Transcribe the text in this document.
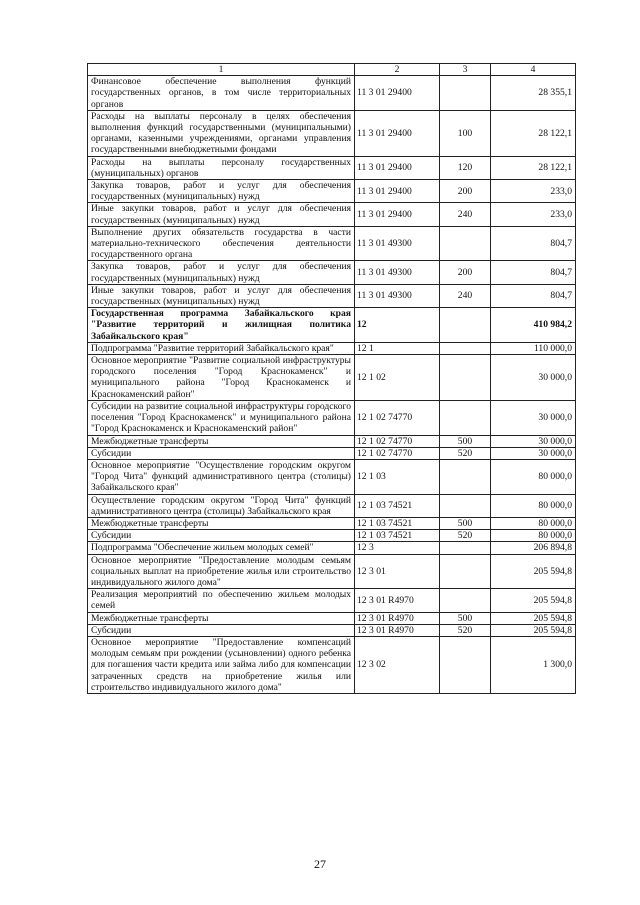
1	2	3	4
Финансовое обеспечение выполнения функций государственных органов, в том числе территориальных органов	11 3 01 29400		28 355,1
Расходы на выплаты персоналу в целях обеспечения выполнения функций государственными (муниципальными) органами, казенными учреждениями, органами управления государственными внебюджетными фондами	11 3 01 29400	100	28 122,1
Расходы на выплаты персоналу государственных (муниципальных) органов	11 3 01 29400	120	28 122,1
Закупка товаров, работ и услуг для обеспечения государственных (муниципальных) нужд	11 3 01 29400	200	233,0
Иные закупки товаров, работ и услуг для обеспечения государственных (муниципальных) нужд	11 3 01 29400	240	233,0
Выполнение других обязательств государства в части материально-технического обеспечения деятельности государственного органа	11 3 01 49300		804,7
Закупка товаров, работ и услуг для обеспечения государственных (муниципальных) нужд	11 3 01 49300	200	804,7
Иные закупки товаров, работ и услуг для обеспечения государственных (муниципальных) нужд	11 3 01 49300	240	804,7
Государственная программа Забайкальского края "Развитие территорий и жилищная политика Забайкальского края"	12		410 984,2
Подпрограмма "Развитие территорий Забайкальского края"	12 1		110 000,0
Основное мероприятие "Развитие социальной инфраструктуры городского поселения "Город Краснокаменск" и муниципального района "Город Краснокаменск и Краснокаменский район"	12 1 02		30 000,0
Субсидии на развитие социальной инфраструктуры городского поселения "Город Краснокаменск" и муниципального района "Город Краснокаменск и Краснокаменский район"	12 1 02 74770		30 000,0
Межбюджетные трансферты	12 1 02 74770	500	30 000,0
Субсидии	12 1 02 74770	520	30 000,0
Основное мероприятие "Осуществление городским округом "Город Чита" функций административного центра (столицы) Забайкальского края"	12 1 03		80 000,0
Осуществление городским округом "Город Чита" функций административного центра (столицы) Забайкальского края	12 1 03 74521		80 000,0
Межбюджетные трансферты	12 1 03 74521	500	80 000,0
Субсидии	12 1 03 74521	520	80 000,0
Подпрограмма "Обеспечение жильем молодых семей"	12 3		206 894,8
Основное мероприятие "Предоставление молодым семьям социальных выплат на приобретение жилья или строительство индивидуального жилого дома"	12 3 01		205 594,8
Реализация мероприятий по обеспечению жильем молодых семей	12 3 01 R4970		205 594,8
Межбюджетные трансферты	12 3 01 R4970	500	205 594,8
Субсидии	12 3 01 R4970	520	205 594,8
Основное мероприятие "Предоставление компенсаций молодым семьям при рождении (усыновлении) одного ребенка для погашения части кредита или займа либо для компенсации затраченных средств на приобретение жилья или строительство индивидуального жилого дома"	12 3 02		1 300,0
27
